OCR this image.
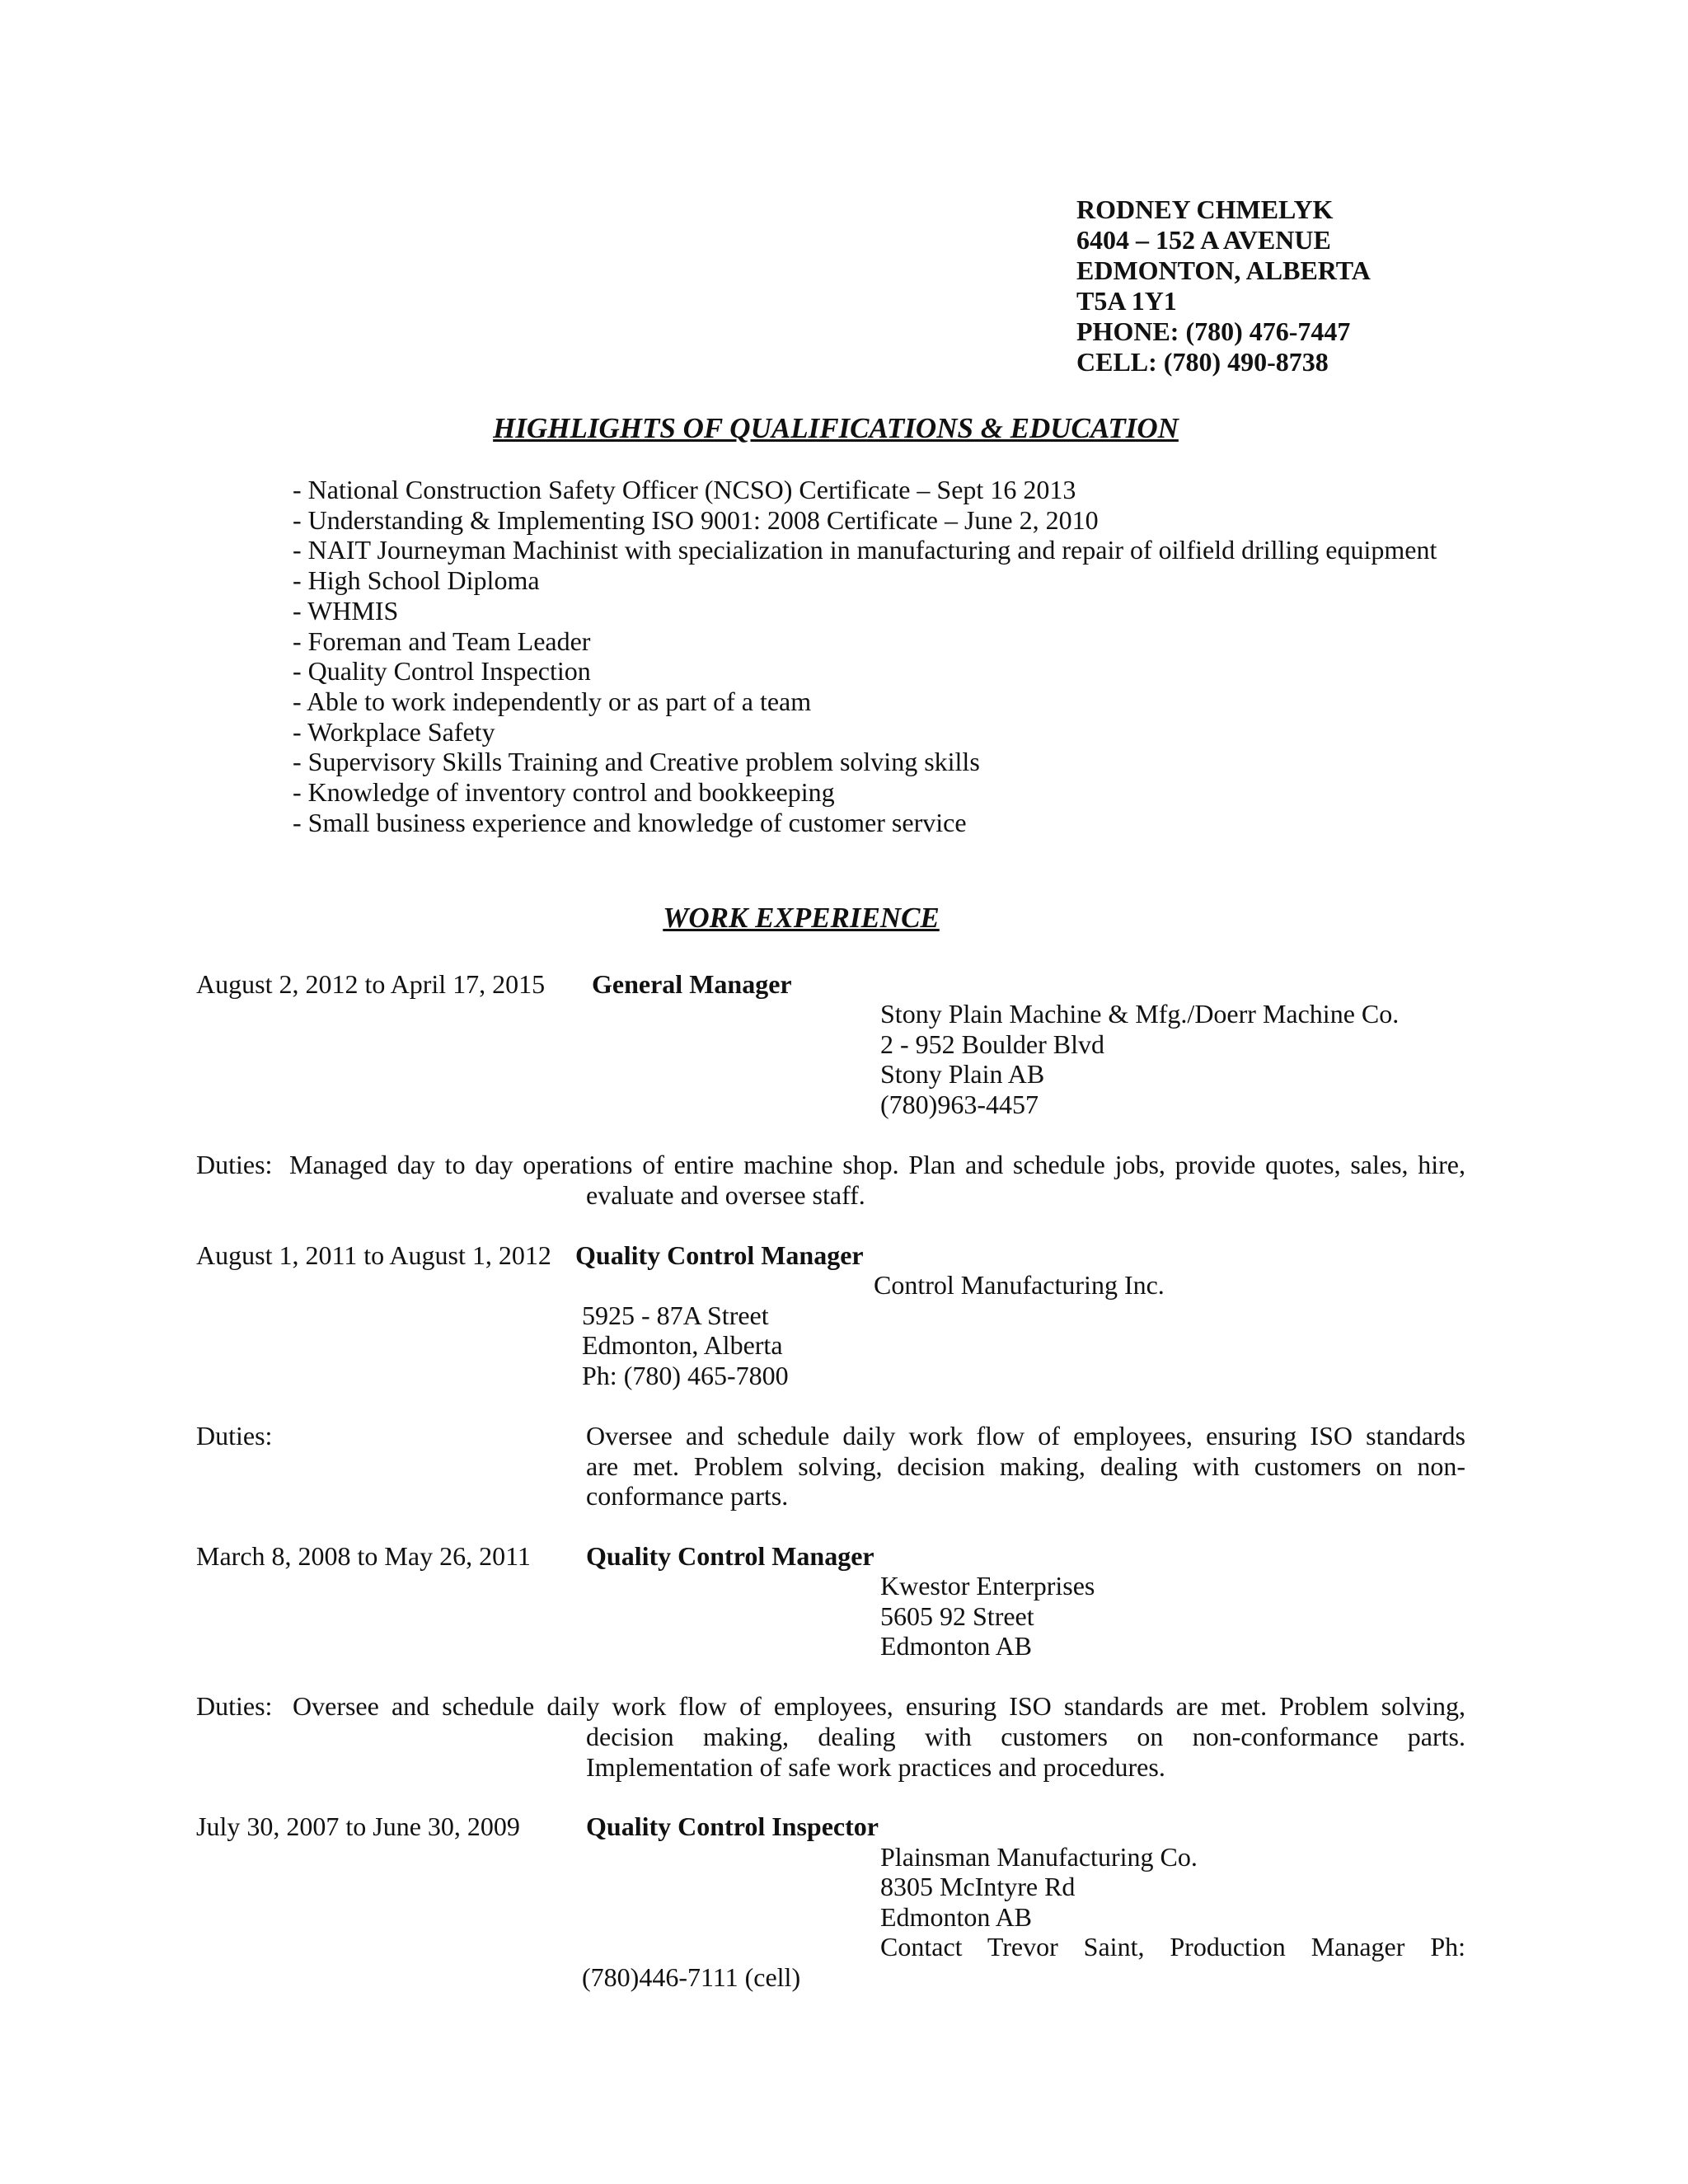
RODNEY CHMELYK
6404 – 152 A AVENUE
EDMONTON, ALBERTA
T5A 1Y1
PHONE: (780) 476-7447
CELL: (780) 490-8738
HIGHLIGHTS OF QUALIFICATIONS & EDUCATION
- National Construction Safety Officer (NCSO) Certificate – Sept 16 2013
- Understanding & Implementing ISO 9001: 2008 Certificate – June 2, 2010
- NAIT Journeyman Machinist with specialization in manufacturing and repair of oilfield drilling equipment
- High School Diploma
- WHMIS
- Foreman and Team Leader
- Quality Control Inspection
- Able to work independently or as part of a team
- Workplace Safety
- Supervisory Skills Training and Creative problem solving skills
- Knowledge of inventory control and bookkeeping
- Small business experience and knowledge of customer service
WORK EXPERIENCE
August 2, 2012 to April 17, 2015 General Manager
Stony Plain Machine & Mfg./Doerr Machine Co.
2 - 952 Boulder Blvd
Stony Plain AB
(780)963-4457
Duties: Managed day to day operations of entire machine shop. Plan and schedule jobs, provide quotes, sales, hire,
evaluate and oversee staff.
August 1, 2011 to August 1, 2012 Quality Control Manager
Control Manufacturing Inc.
5925 - 87A Street
Edmonton, Alberta
Ph: (780) 465-7800
Duties:	Oversee and schedule daily work flow of employees, ensuring ISO standards
are met. Problem solving, decision making, dealing with customers on non-
conformance parts.
March 8, 2008 to May 26, 2011 Quality Control Manager
Kwestor Enterprises
5605 92 Street
Edmonton AB
Duties: Oversee and schedule daily work flow of employees, ensuring ISO standards are met. Problem solving,
decision making, dealing with customers on non-conformance parts.
Implementation of safe work practices and procedures.
July 30, 2007 to June 30, 2009	Quality Control Inspector
Plainsman Manufacturing Co.
8305 McIntyre Rd
Edmonton AB
Contact Trevor Saint, Production Manager Ph:
(780)446-7111 (cell)
